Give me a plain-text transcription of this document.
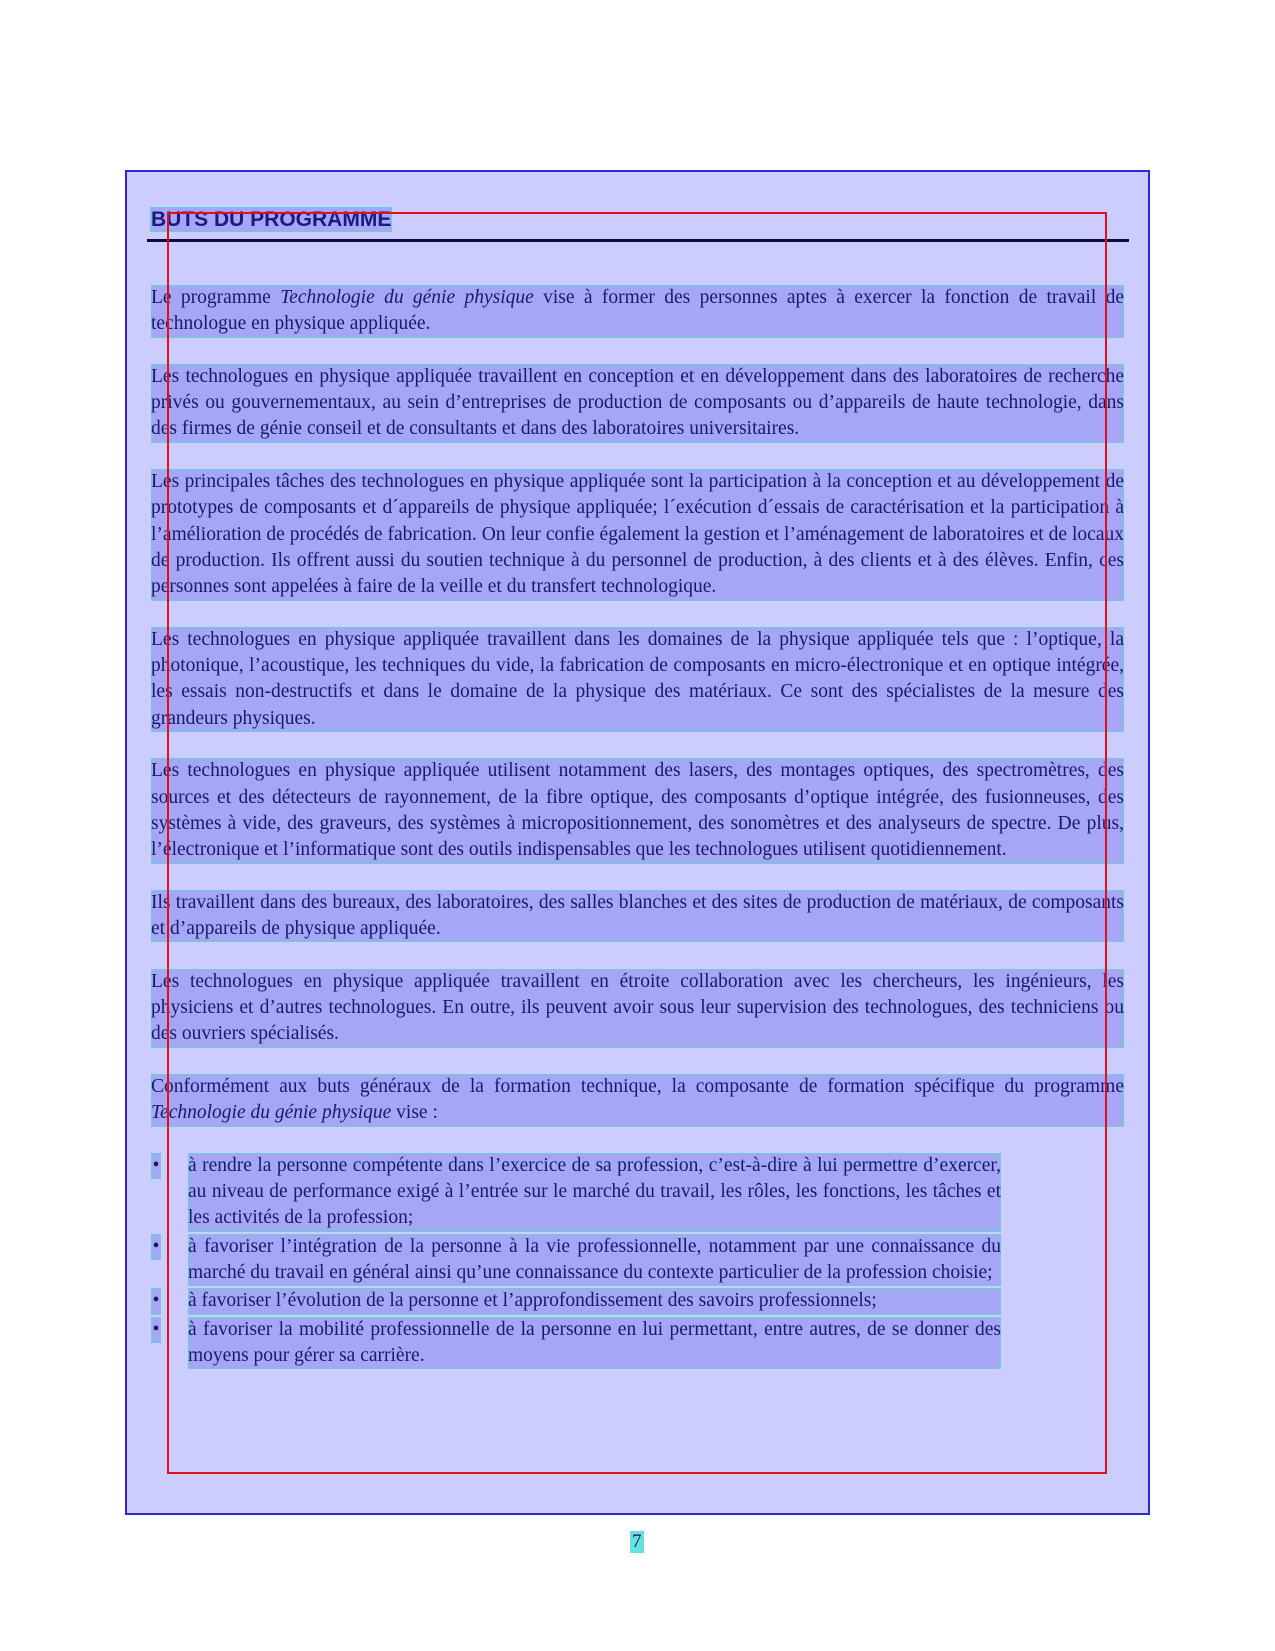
BUTS DU PROGRAMME

Le programme Technologie du génie physique vise à former des personnes aptes à exercer la fonction de travail de technologue en physique appliquée.

Les technologues en physique appliquée travaillent en conception et en développement dans des laboratoires de recherche privés ou gouvernementaux, au sein d’entreprises de production de composants ou d’appareils de haute technologie, dans des firmes de génie conseil et de consultants et dans des laboratoires universitaires.

Les principales tâches des technologues en physique appliquée sont la participation à la conception et au développement de prototypes de composants et d´appareils de physique appliquée; l´exécution d´essais de caractérisation et la participation à l’amélioration de procédés de fabrication. On leur confie également la gestion et l’aménagement de laboratoires et de locaux de production. Ils offrent aussi du soutien technique à du personnel de production, à des clients et à des élèves. Enfin, ces personnes sont appelées à faire de la veille et du transfert technologique.

Les technologues en physique appliquée travaillent dans les domaines de la physique appliquée tels que : l’optique, la photonique, l’acoustique, les techniques du vide, la fabrication de composants en micro-électronique et en optique intégrée, les essais non-destructifs et dans le domaine de la physique des matériaux. Ce sont des spécialistes de la mesure des grandeurs physiques.

Les technologues en physique appliquée utilisent notamment des lasers, des montages optiques, des spectromètres, des sources et des détecteurs de rayonnement, de la fibre optique, des composants d’optique intégrée, des fusionneuses, des systèmes à vide, des graveurs, des systèmes à micropositionnement, des sonomètres et des analyseurs de spectre. De plus, l’électronique et l’informatique sont des outils indispensables que les technologues utilisent quotidiennement.

Ils travaillent dans des bureaux, des laboratoires, des salles blanches et des sites de production de matériaux, de composants et d’appareils de physique appliquée.

Les technologues en physique appliquée travaillent en étroite collaboration avec les chercheurs, les ingénieurs, les physiciens et d’autres technologues. En outre, ils peuvent avoir sous leur supervision des technologues, des techniciens ou des ouvriers spécialisés.

Conformément aux buts généraux de la formation technique, la composante de formation spécifique du programme Technologie du génie physique vise :

• à rendre la personne compétente dans l’exercice de sa profession, c’est-à-dire à lui permettre d’exercer, au niveau de performance exigé à l’entrée sur le marché du travail, les rôles, les fonctions, les tâches et les activités de la profession;
• à favoriser l’intégration de la personne à la vie professionnelle, notamment par une connaissance du marché du travail en général ainsi qu’une connaissance du contexte particulier de la profession choisie;
• à favoriser l’évolution de la personne et l’approfondissement des savoirs professionnels;
• à favoriser la mobilité professionnelle de la personne en lui permettant, entre autres, de se donner des moyens pour gérer sa carrière.
7
